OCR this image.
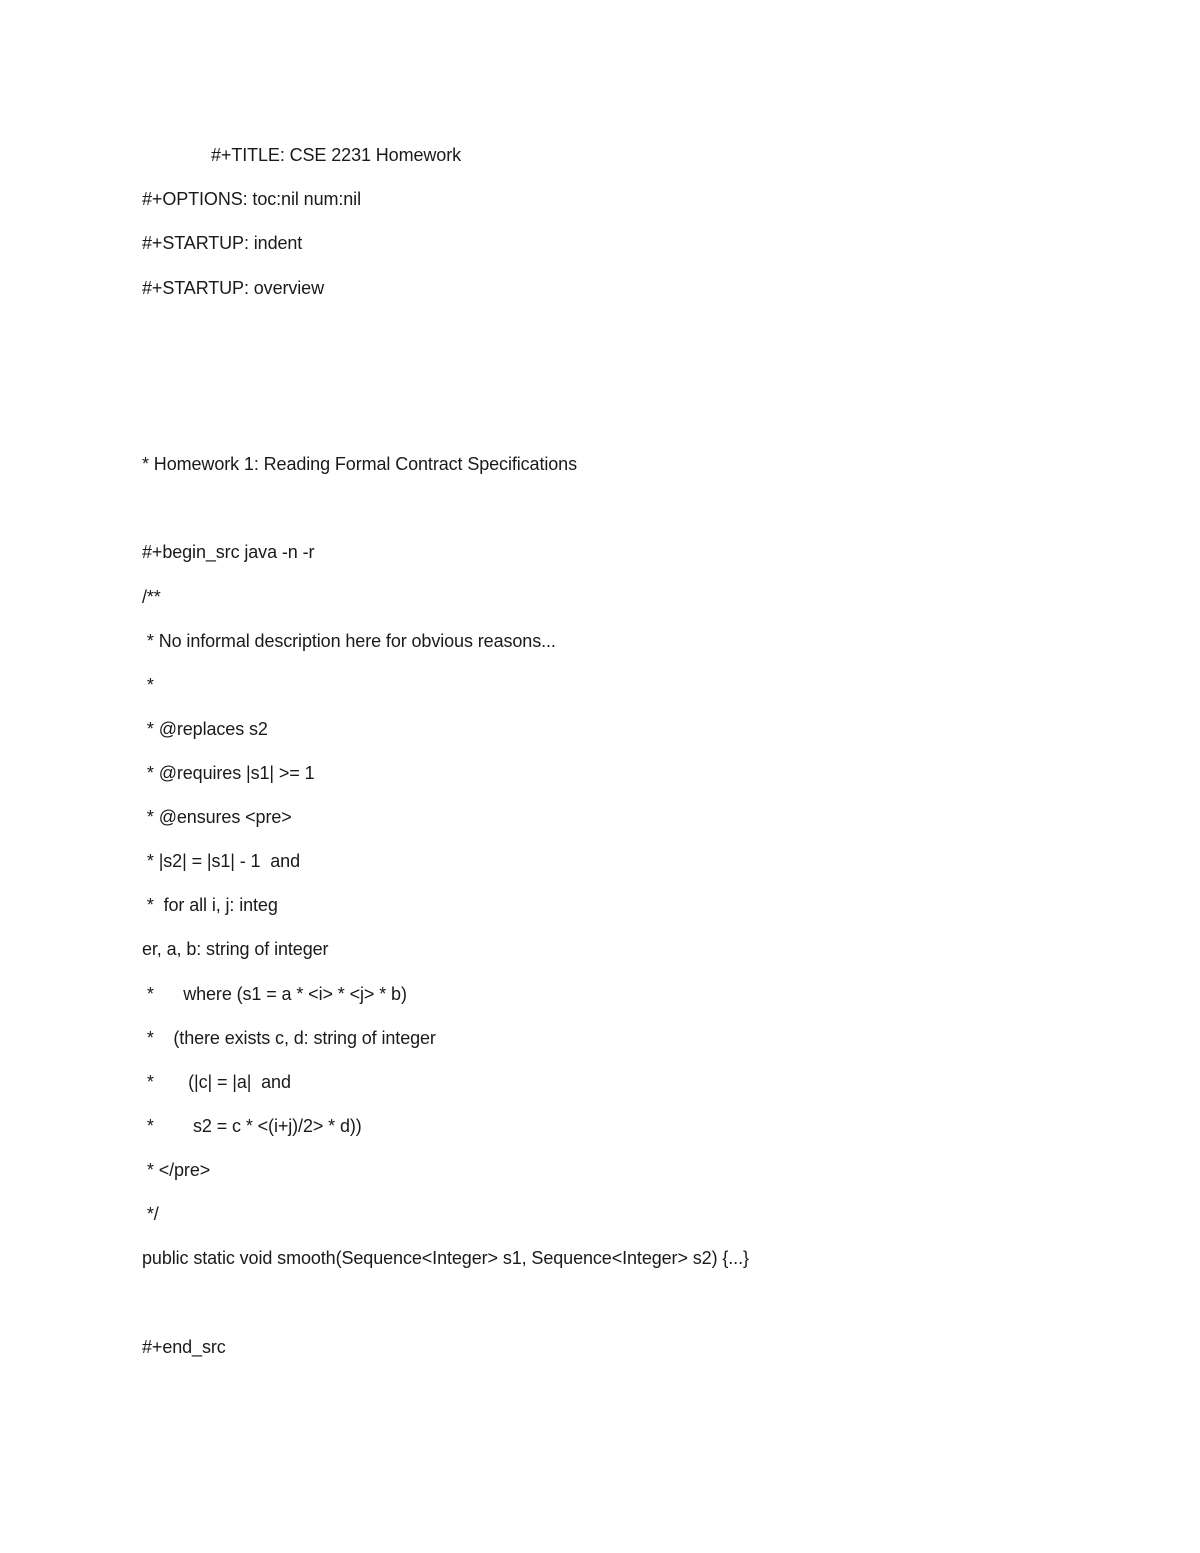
#+TITLE: CSE 2231 Homework
#+OPTIONS: toc:nil num:nil
#+STARTUP: indent
#+STARTUP: overview
* Homework 1: Reading Formal Contract Specifications
#+begin_src java -n -r
/**
* No informal description here for obvious reasons...
*
* @replaces s2
* @requires |s1| >= 1
* @ensures <pre>
* |s2| = |s1| - 1  and
*  for all i, j: integ
er, a, b: string of integer
*      where (s1 = a * <i> * <j> * b)
*    (there exists c, d: string of integer
*       (|c| = |a|  and
*        s2 = c * <(i+j)/2> * d))
* </pre>
*/
public static void smooth(Sequence<Integer> s1, Sequence<Integer> s2) {...}
#+end_src
